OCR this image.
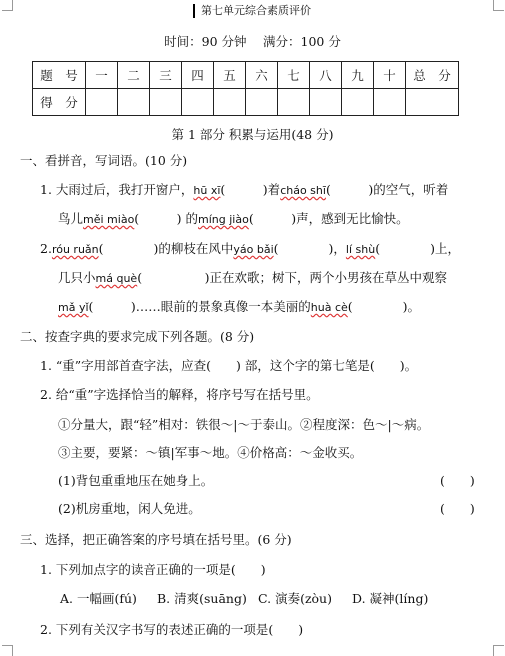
第七单元综合素质评价
时间：90 分钟　 满分：100 分
题　号	一	二	三	四	五	六	七	八	九	十	总　分
得　分											
第 1 部分 积累与运用(48 分)
一、看拼音，写词语。(10 分)
1. 大雨过后，我打开窗户，hū xī(　　　)着cháo shī(　　　)的空气，听着
鸟儿měi miào(　　　) 的míng jiào(　　　)声，感到无比愉快。
2.róu ruǎn(　　　　)的柳枝在风中yáo bǎi(　　　　)，lí shù(　　　　)上，
几只小má què(　　　　　)正在欢歌；树下，两个小男孩在草丛中观察
mǎ yǐ(　　　)……眼前的景象真像一本美丽的huà cè(　　　　)。
二、按查字典的要求完成下列各题。(8 分)
1. “重”字用部首查字法，应查(　　) 部，这个字的第七笔是(　　)。
2. 给“重”字选择恰当的解释，将序号写在括号里。
①分量大，跟“轻”相对：铁很～|～于泰山。②程度深：色～|～病。
③主要，要紧：～镇|军事～地。④价格高：～金收买。
(1)背包重重地压在她身上。	(　　)
(2)机房重地，闲人免进。	(　　)
三、选择，把正确答案的序号填在括号里。(6 分)
1. 下列加点字的读音正确的一项是(　　)
A. 一幅画(fú) B. 清爽(suāng) C. 演奏(zòu) D. 凝神(líng)
2. 下列有关汉字书写的表述正确的一项是(　　)
